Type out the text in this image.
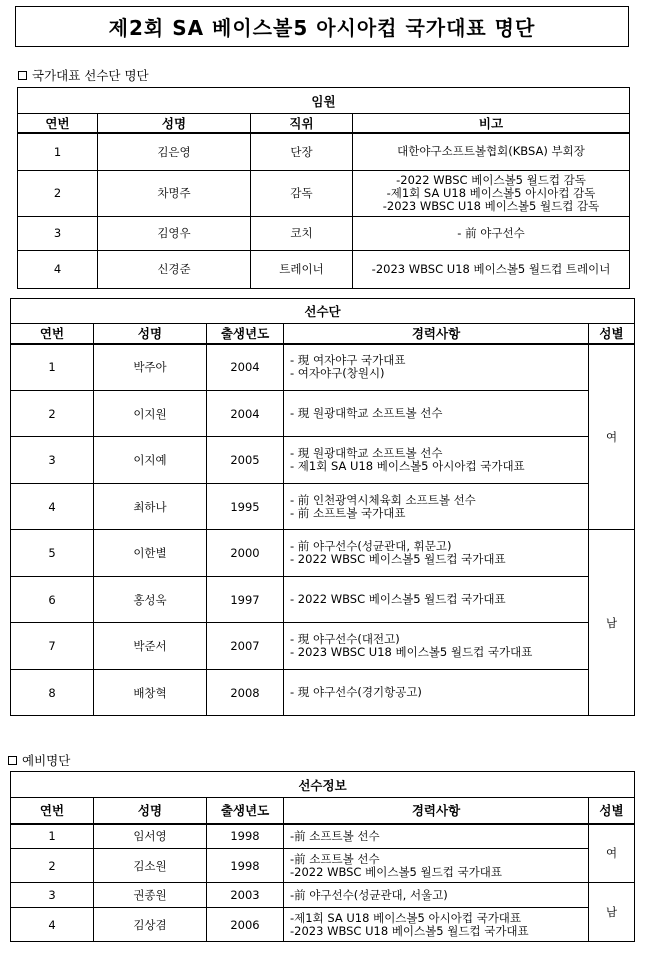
제2회 SA 베이스볼5 아시아컵 국가대표 명단
국가대표 선수단 명단
임원			
연번	성명	직위	비고
1	김은영	단장	대한야구소프트볼협회(KBSA) 부회장

2	차명주	감독	-2022 WBSC 베이스볼5 월드컵 감독
-제1회 SA U18 베이스볼5 아시아컵 감독
-2023 WBSC U18 베이스볼5 월드컵 감독

3	김영우	코치	- 前 야구선수

4	신경준	트레이너	-2023 WBSC U18 베이스볼5 월드컵 트레이너
선수단				
연번	성명	출생년도	경력사항	성별
1	박주아	2004	- 現 여자야구 국가대표
- 여자야구(창원시)	여
2	이지원	2004	- 現 원광대학교 소프트볼 선수	

3	이지예	2005	- 現 원광대학교 소프트볼 선수
- 제1회 SA U18 베이스볼5 아시아컵 국가대표	

4	최하나	1995	- 前 인천광역시체육회 소프트볼 선수
- 前 소프트볼 국가대표	

5	이한별	2000	- 前 야구선수(성균관대, 휘문고)
- 2022 WBSC 베이스볼5 월드컵 국가대표	남
6	홍성욱	1997	- 2022 WBSC 베이스볼5 월드컵 국가대표	

7	박준서	2007	- 現 야구선수(대전고)
- 2023 WBSC U18 베이스볼5 월드컵 국가대표	

8	배창혁	2008	- 現 야구선수(경기항공고)	
예비명단
선수정보				
연번	성명	출생년도	경력사항	성별
1	임서영	1998	-前 소프트볼 선수	여
2	김소원	1998	-前 소프트볼 선수
-2022 WBSC 베이스볼5 월드컵 국가대표	

3	권종원	2003	-前 야구선수(성균관대, 서울고)	남
4	김상겸	2006	-제1회 SA U18 베이스볼5 아시아컵 국가대표
-2023 WBSC U18 베이스볼5 월드컵 국가대표	
